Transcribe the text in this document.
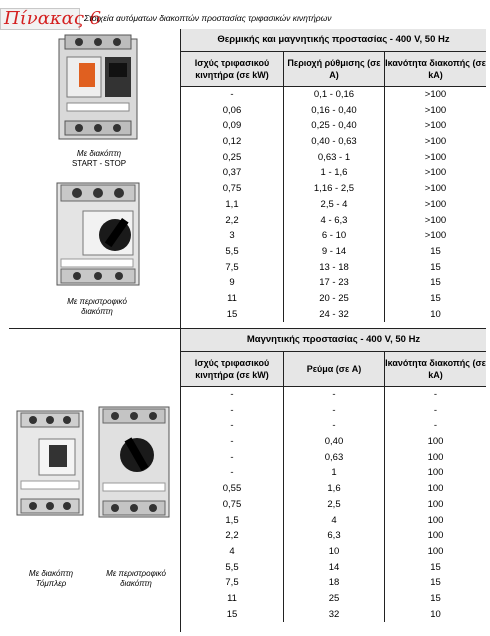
Πίνακας 6
Στοιχεία αυτόματων διακοπτών προστασίας τριφασικών κινητήρων
Με διακόπτη
START - STOP
Με περιστροφικό
διακόπτη
Θερμικής και μαγνητικής προστασίας - 400 V, 50 Hz
Ισχύς τριφασικού κινητήρα (σε kW)
Περιοχή ρύθμισης (σε A)
Ικανότητα διακοπής (σε kA)
-	0,1 - 0,16	>100
0,06	0,16 - 0,40	>100
0,09	0,25 - 0,40	>100
0,12	0,40 - 0,63	>100
0,25	0,63 - 1	>100
0,37	1 - 1,6	>100
0,75	1,16 - 2,5	>100
1,1	2,5 - 4	>100
2,2	4 - 6,3	>100
3	6 - 10	>100
5,5	9 - 14	15
7,5	13 - 18	15
9	17 - 23	15
11	20 - 25	15
15	24 - 32	10
Με διακόπτη
Τόμπλερ
Με περιστροφικό
διακόπτη
Μαγνητικής προστασίας - 400 V, 50 Hz
Ισχύς τριφασικού κινητήρα (σε kW)
Ρεύμα (σε A)
Ικανότητα διακοπής (σε kA)
-	-	-
-	-	-
-	-	-
-	0,40	100
-	0,63	100
-	1	100
0,55	1,6	100
0,75	2,5	100
1,5	4	100
2,2	6,3	100
4	10	100
5,5	14	15
7,5	18	15
11	25	15
15	32	10
